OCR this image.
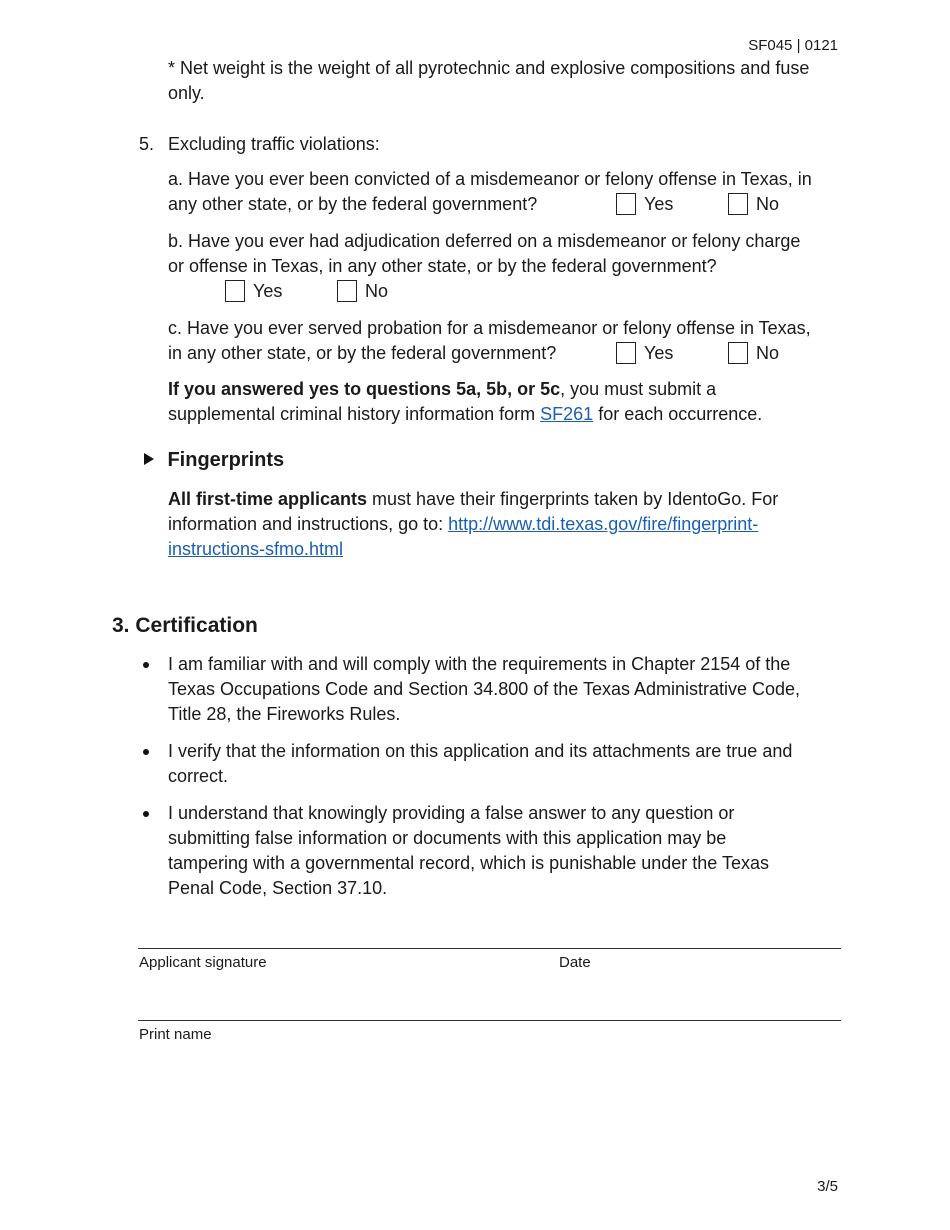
SF045 | 0121
* Net weight is the weight of all pyrotechnic and explosive compositions and fuse only.
5. Excluding traffic violations:
a. Have you ever been convicted of a misdemeanor or felony offense in Texas, in
any other state, or by the federal government?	Yes	No
b. Have you ever had adjudication deferred on a misdemeanor or felony charge
or offense in Texas, in any other state, or by the federal government?
Yes	No
c. Have you ever served probation for a misdemeanor or felony offense in Texas,
in any other state, or by the federal government?	Yes	No
If you answered yes to questions 5a, 5b, or 5c, you must submit a
supplemental criminal history information form SF261 for each occurrence.
Fingerprints
All first-time applicants must have their fingerprints taken by IdentoGo. For
information and instructions, go to: http://www.tdi.texas.gov/fire/fingerprint-
instructions-sfmo.html
3. Certification
I am familiar with and will comply with the requirements in Chapter 2154 of the
Texas Occupations Code and Section 34.800 of the Texas Administrative Code,
Title 28, the Fireworks Rules.
I verify that the information on this application and its attachments are true and
correct.
I understand that knowingly providing a false answer to any question or
submitting false information or documents with this application may be
tampering with a governmental record, which is punishable under the Texas
Penal Code, Section 37.10.
Applicant signature	Date
Print name
3/5
